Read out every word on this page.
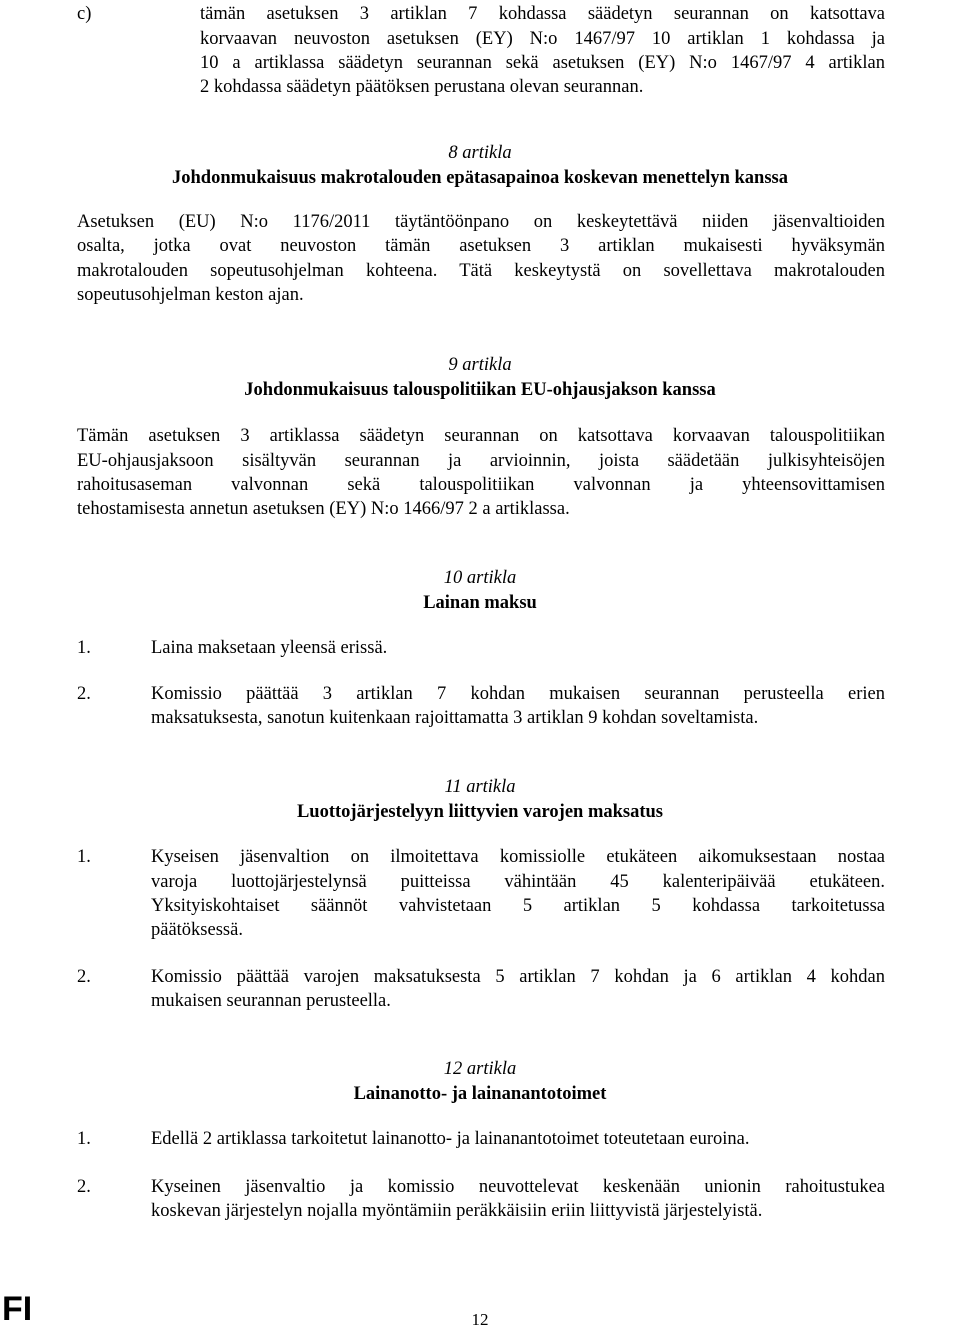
c)	tämän asetuksen 3 artiklan 7 kohdassa säädetyn seurannan on katsottava
korvaavan neuvoston asetuksen (EY) N:o 1467/97 10 artiklan 1 kohdassa ja
10 a artiklassa säädetyn seurannan sekä asetuksen (EY) N:o 1467/97 4 artiklan
2 kohdassa säädetyn päätöksen perustana olevan seurannan.
8 artikla
Johdonmukaisuus makrotalouden epätasapainoa koskevan menettelyn kanssa
Asetuksen (EU) N:o 1176/2011 täytäntöönpano on keskeytettävä niiden jäsenvaltioiden
osalta, jotka ovat neuvoston tämän asetuksen 3 artiklan mukaisesti hyväksymän
makrotalouden sopeutusohjelman kohteena. Tätä keskeytystä on sovellettava makrotalouden
sopeutusohjelman keston ajan.
9 artikla
Johdonmukaisuus talouspolitiikan EU-ohjausjakson kanssa
Tämän asetuksen 3 artiklassa säädetyn seurannan on katsottava korvaavan talouspolitiikan
EU-ohjausjaksoon sisältyvän seurannan ja arvioinnin, joista säädetään julkisyhteisöjen
rahoitusaseman valvonnan sekä talouspolitiikan valvonnan ja yhteensovittamisen
tehostamisesta annetun asetuksen (EY) N:o 1466/97 2 a artiklassa.
10 artikla
Lainan maksu
1.	Laina maksetaan yleensä erissä.
2.	Komissio päättää 3 artiklan 7 kohdan mukaisen seurannan perusteella erien
maksatuksesta, sanotun kuitenkaan rajoittamatta 3 artiklan 9 kohdan soveltamista.
11 artikla
Luottojärjestelyyn liittyvien varojen maksatus
1.	Kyseisen jäsenvaltion on ilmoitettava komissiolle etukäteen aikomuksestaan nostaa
varoja luottojärjestelynsä puitteissa vähintään 45 kalenteripäivää etukäteen.
Yksityiskohtaiset säännöt vahvistetaan 5 artiklan 5 kohdassa tarkoitetussa
päätöksessä.
2.	Komissio päättää varojen maksatuksesta 5 artiklan 7 kohdan ja 6 artiklan 4 kohdan
mukaisen seurannan perusteella.
12 artikla
Lainanotto- ja lainanantotoimet
1.	Edellä 2 artiklassa tarkoitetut lainanotto- ja lainanantotoimet toteutetaan euroina.
2.	Kyseinen jäsenvaltio ja komissio neuvottelevat keskenään unionin rahoitustukea
koskevan järjestelyn nojalla myöntämiin peräkkäisiin eriin liittyvistä järjestelyistä.
FI	12
